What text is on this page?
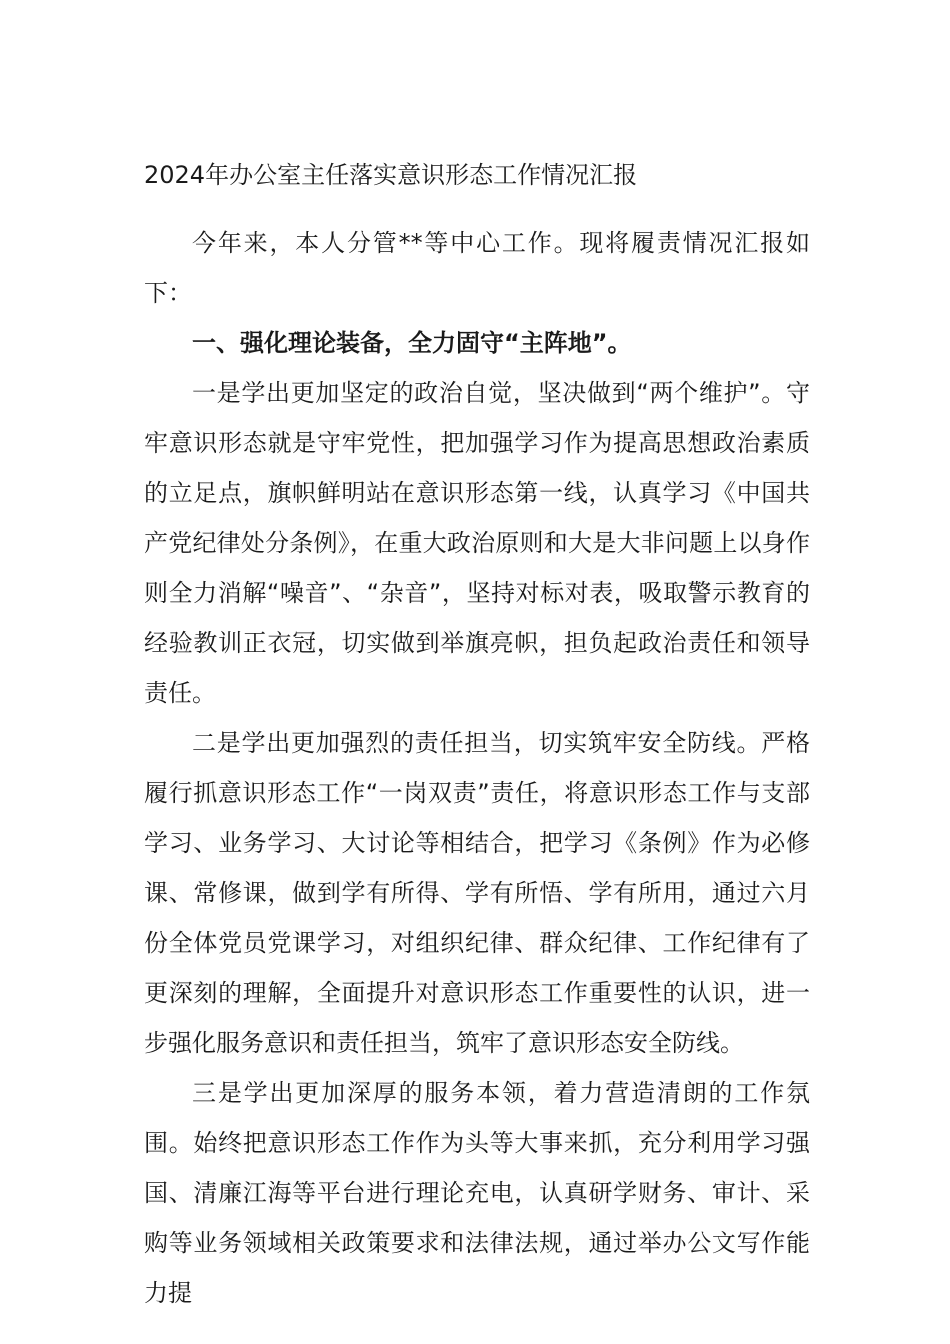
2024年办公室主任落实意识形态工作情况汇报

今年来，本人分管**等中心工作。现将履责情况汇报如下：

一、强化理论装备，全力固守“主阵地”。

一是学出更加坚定的政治自觉，坚决做到“两个维护”。守牢意识形态就是守牢党性，把加强学习作为提高思想政治素质的立足点，旗帜鲜明站在意识形态第一线，认真学习《中国共产党纪律处分条例》，在重大政治原则和大是大非问题上以身作则全力消解“噪音”、“杂音”，坚持对标对表，吸取警示教育的经验教训正衣冠，切实做到举旗亮帜，担负起政治责任和领导责任。

二是学出更加强烈的责任担当，切实筑牢安全防线。严格履行抓意识形态工作“一岗双责”责任，将意识形态工作与支部学习、业务学习、大讨论等相结合，把学习《条例》作为必修课、常修课，做到学有所得、学有所悟、学有所用，通过六月份全体党员党课学习，对组织纪律、群众纪律、工作纪律有了更深刻的理解，全面提升对意识形态工作重要性的认识，进一步强化服务意识和责任担当，筑牢了意识形态安全防线。

三是学出更加深厚的服务本领，着力营造清朗的工作氛围。始终把意识形态工作作为头等大事来抓，充分利用学习强国、清廉江海等平台进行理论充电，认真研学财务、审计、采购等业务领域相关政策要求和法律法规，通过举办公文写作能力提
